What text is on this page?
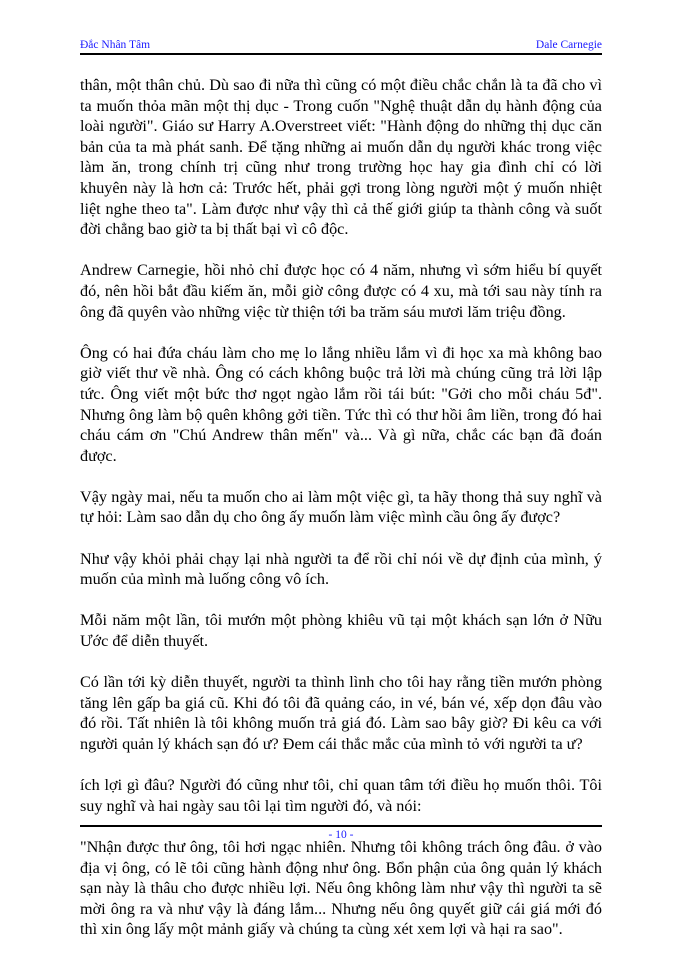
Đắc Nhân Tâm	Dale Carnegie

thân, một thân chủ. Dù sao đi nữa thì cũng có một điều chắc chắn là ta đã cho vì ta muốn thỏa mãn một thị dục - Trong cuốn "Nghệ thuật dẫn dụ hành động của loài người". Giáo sư Harry A.Overstreet viết: "Hành động do những thị dục căn bản của ta mà phát sanh. Để tặng những ai muốn dẫn dụ người khác trong việc làm ăn, trong chính trị cũng như trong trường học hay gia đình chỉ có lời khuyên này là hơn cả: Trước hết, phải gợi trong lòng người một ý muốn nhiệt liệt nghe theo ta". Làm được như vậy thì cả thế giới giúp ta thành công và suốt đời chẳng bao giờ ta bị thất bại vì cô độc.

Andrew Carnegie, hồi nhỏ chỉ được học có 4 năm, nhưng vì sớm hiểu bí quyết đó, nên hồi bắt đầu kiếm ăn, mỗi giờ công được có 4 xu, mà tới sau này tính ra ông đã quyên vào những việc từ thiện tới ba trăm sáu mươi lăm triệu đồng.

Ông có hai đứa cháu làm cho mẹ lo lắng nhiều lắm vì đi học xa mà không bao giờ viết thư về nhà. Ông có cách không buộc trả lời mà chúng cũng trả lời lập tức. Ông viết một bức thơ ngọt ngào lắm rồi tái bút: "Gởi cho mỗi cháu 5đ". Nhưng ông làm bộ quên không gởi tiền. Tức thì có thư hồi âm liền, trong đó hai cháu cám ơn "Chú Andrew thân mến" và... Và gì nữa, chắc các bạn đã đoán được.

Vậy ngày mai, nếu ta muốn cho ai làm một việc gì, ta hãy thong thả suy nghĩ và tự hỏi: Làm sao dẫn dụ cho ông ấy muốn làm việc mình cầu ông ấy được?

Như vậy khỏi phải chạy lại nhà người ta để rồi chỉ nói về dự định của mình, ý muốn của mình mà luống công vô ích.

Mỗi năm một lần, tôi mướn một phòng khiêu vũ tại một khách sạn lớn ở Nữu Ước để diễn thuyết.

Có lần tới kỳ diễn thuyết, người ta thình lình cho tôi hay rằng tiền mướn phòng tăng lên gấp ba giá cũ. Khi đó tôi đã quảng cáo, in vé, bán vé, xếp dọn đâu vào đó rồi. Tất nhiên là tôi không muốn trả giá đó. Làm sao bây giờ? Đi kêu ca với người quản lý khách sạn đó ư? Đem cái thắc mắc của mình tỏ với người ta ư?

ích lợi gì đâu? Người đó cũng như tôi, chỉ quan tâm tới điều họ muốn thôi. Tôi suy nghĩ và hai ngày sau tôi lại tìm người đó, và nói:

"Nhận được thư ông, tôi hơi ngạc nhiên. Nhưng tôi không trách ông đâu. ở vào địa vị ông, có lẽ tôi cũng hành động như ông. Bổn phận của ông quản lý khách sạn này là thâu cho được nhiều lợi. Nếu ông không làm như vậy thì người ta sẽ mời ông ra và như vậy là đáng lắm... Nhưng nếu ông quyết giữ cái giá mới đó thì xin ông lấy một mảnh giấy và chúng ta cùng xét xem lợi và hại ra sao".

- 10 -
